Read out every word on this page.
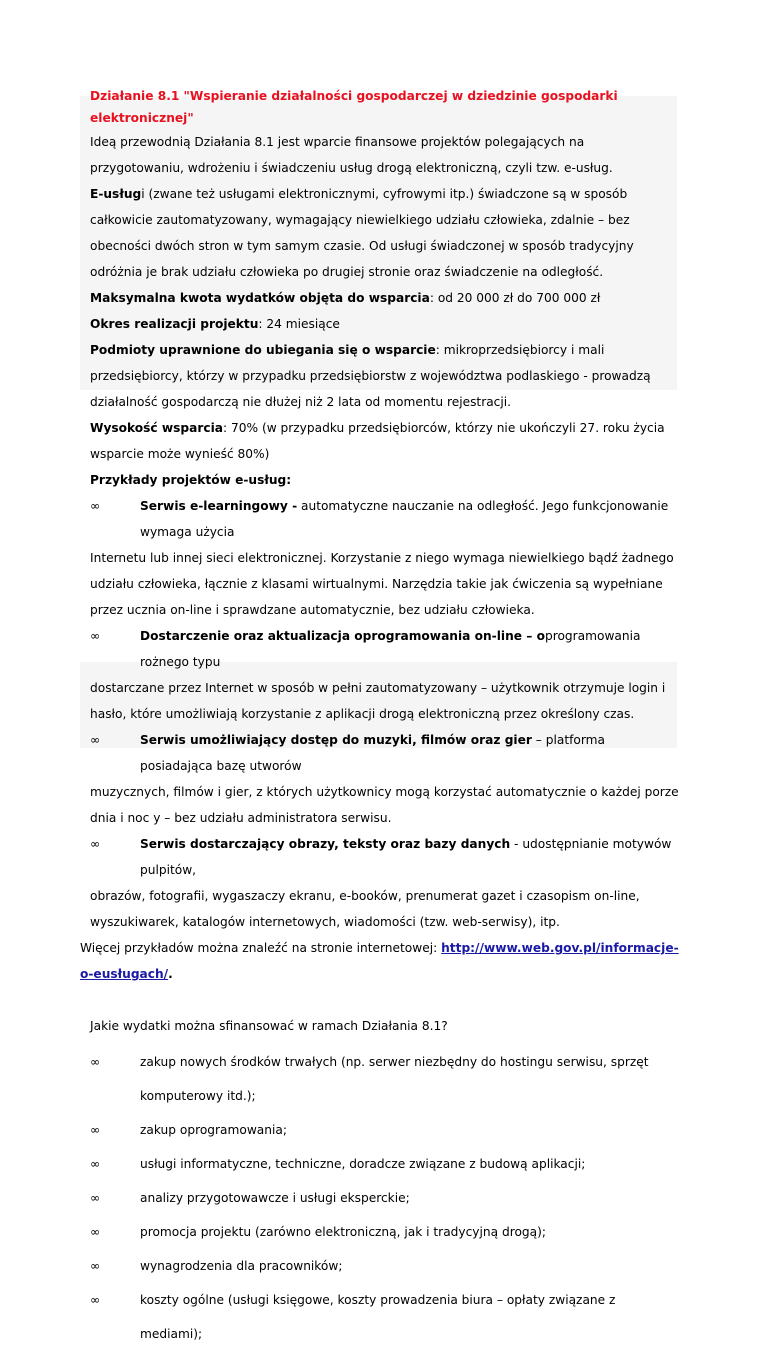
Działanie 8.1 "Wspieranie działalności gospodarczej w dziedzinie gospodarki elektronicznej"

Ideą przewodnią Działania 8.1 jest wparcie finansowe projektów polegających na przygotowaniu, wdrożeniu i świadczeniu usług drogą elektroniczną, czyli tzw. e-usług.

E-usługi (zwane też usługami elektronicznymi, cyfrowymi itp.) świadczone są w sposób całkowicie zautomatyzowany, wymagający niewielkiego udziału człowieka, zdalnie – bez obecności dwóch stron w tym samym czasie. Od usługi świadczonej w sposób tradycyjny odróżnia je brak udziału człowieka po drugiej stronie oraz świadczenie na odległość.

Maksymalna kwota wydatków objęta do wsparcia: od 20 000 zł do 700 000 zł

Okres realizacji projektu: 24 miesiące

Podmioty uprawnione do ubiegania się o wsparcie: mikroprzedsiębiorcy i mali przedsiębiorcy, którzy w przypadku przedsiębiorstw z województwa podlaskiego - prowadzą działalność gospodarczą nie dłużej niż 2 lata od momentu rejestracji.

Wysokość wsparcia: 70% (w przypadku przedsiębiorców, którzy nie ukończyli 27. roku życia wsparcie może wynieść 80%)

Przykłady projektów e-usług:

∞	Serwis e-learningowy - automatyczne nauczanie na odległość. Jego funkcjonowanie wymaga użycia
Internetu lub innej sieci elektronicznej. Korzystanie z niego wymaga niewielkiego bądź żadnego udziału człowieka, łącznie z klasami wirtualnymi. Narzędzia takie jak ćwiczenia są wypełniane przez ucznia on-line i sprawdzane automatycznie, bez udziału człowieka.
∞	Dostarczenie oraz aktualizacja oprogramowania on-line – oprogramowania rożnego typu
dostarczane przez Internet w sposób w pełni zautomatyzowany – użytkownik otrzymuje login i hasło, które umożliwiają korzystanie z aplikacji drogą elektroniczną przez określony czas.
∞	Serwis umożliwiający dostęp do muzyki, filmów oraz gier – platforma posiadająca bazę utworów
muzycznych, filmów i gier, z których użytkownicy mogą korzystać automatycznie o każdej porze dnia i noc y – bez udziału administratora serwisu.
∞	Serwis dostarczający obrazy, teksty oraz bazy danych - udostępnianie motywów pulpitów,
obrazów, fotografii, wygaszaczy ekranu, e-booków, prenumerat gazet i czasopism on-line, wyszukiwarek, katalogów internetowych, wiadomości (tzw. web-serwisy), itp.

Więcej przykładów można znaleźć na stronie internetowej: http://www.web.gov.pl/informacje-o-eusługach/.

Jakie wydatki można sfinansować w ramach Działania 8.1?

∞	zakup nowych środków trwałych (np. serwer niezbędny do hostingu serwisu, sprzęt komputerowy itd.);
∞	zakup oprogramowania;
∞	usługi informatyczne, techniczne, doradcze związane z budową aplikacji;
∞	analizy przygotowawcze i usługi eksperckie;
∞	promocja projektu (zarówno elektroniczną, jak i tradycyjną drogą);
∞	wynagrodzenia dla pracowników;
∞	koszty ogólne (usługi księgowe, koszty prowadzenia biura – opłaty związane z mediami);
